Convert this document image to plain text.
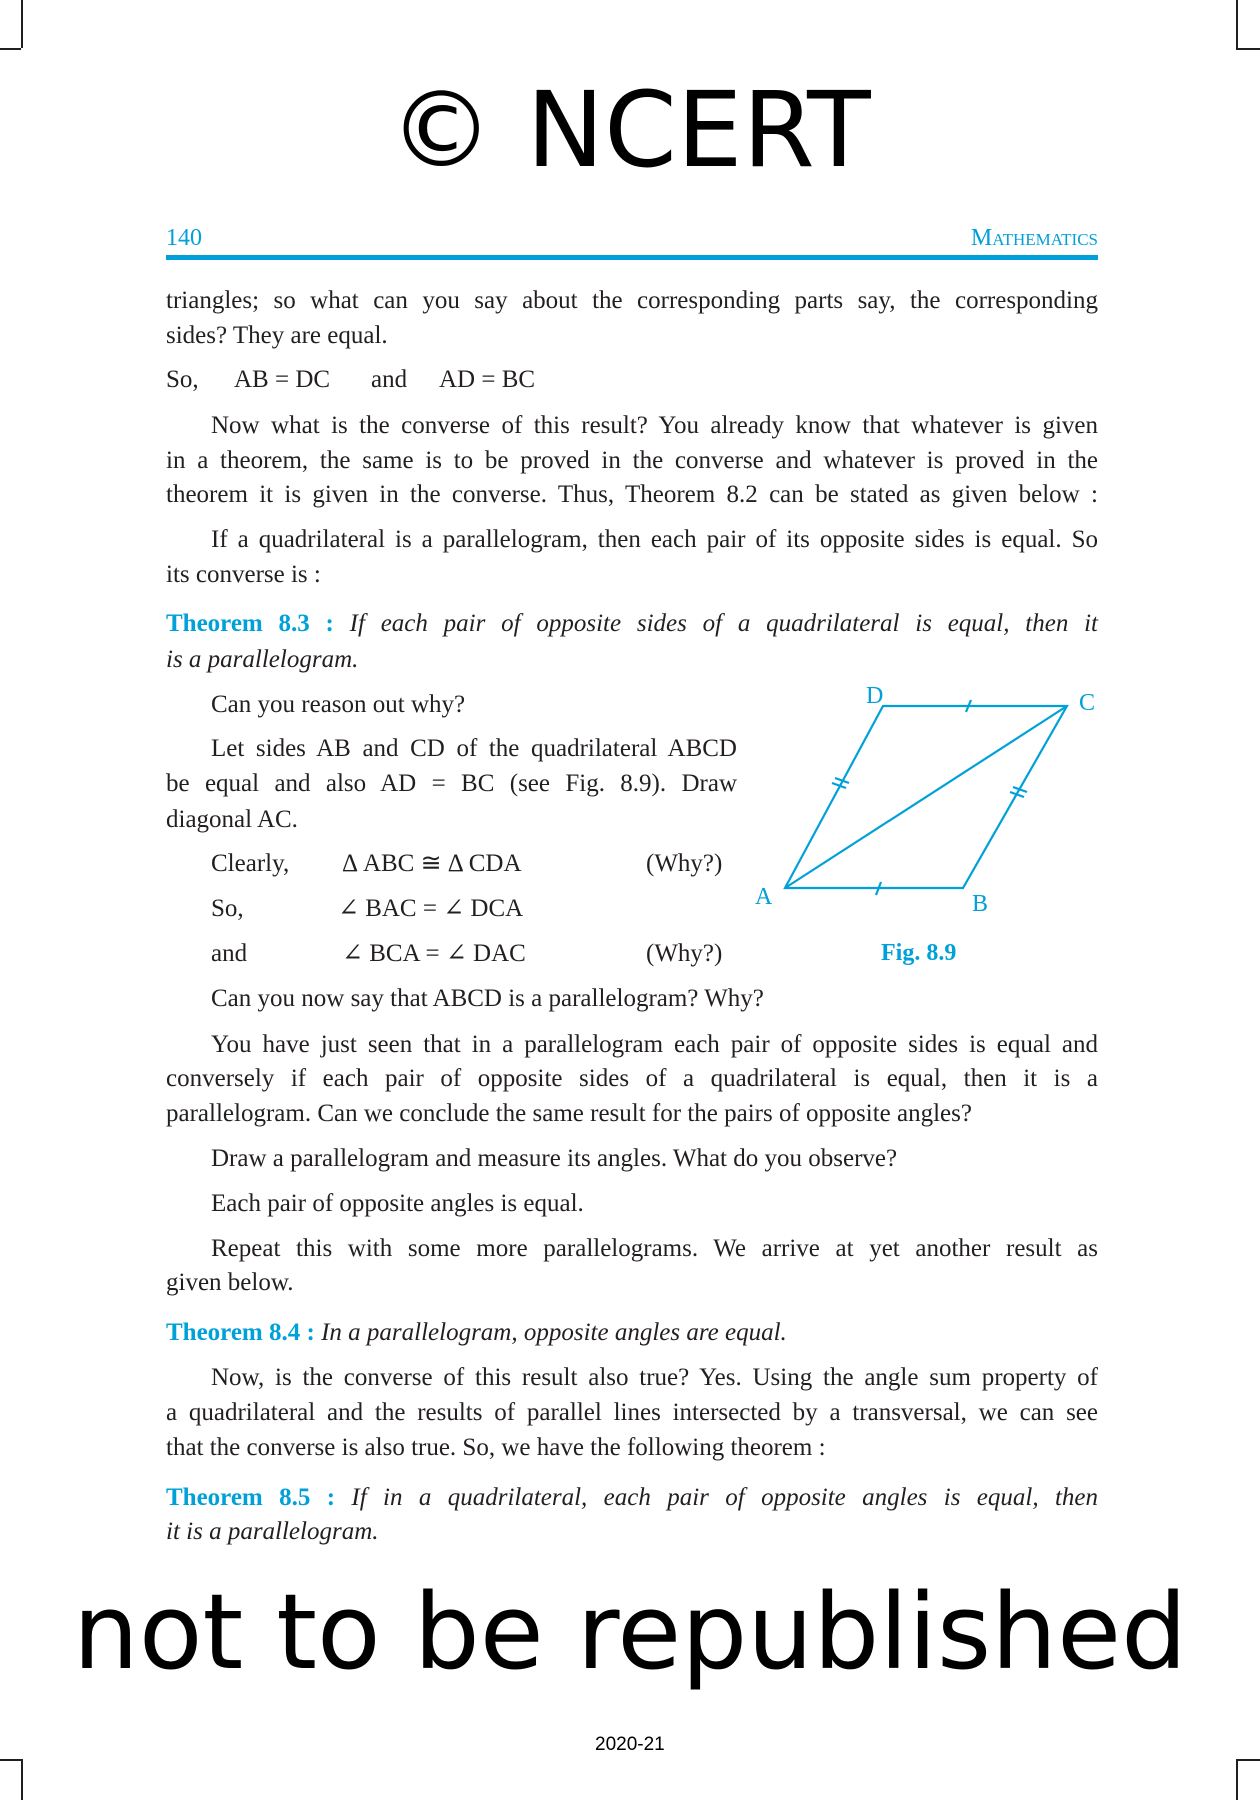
140	Mathematics
triangles; so what can you say about the corresponding parts say, the corresponding
sides? They are equal.
So, AB = DC and AD = BC
Now what is the converse of this result? You already know that whatever is given
in a theorem, the same is to be proved in the converse and whatever is proved in the
theorem it is given in the converse. Thus, Theorem 8.2 can be stated as given below :
If a quadrilateral is a parallelogram, then each pair of its opposite sides is equal. So
its converse is :
Theorem 8.3 : If each pair of opposite sides of a quadrilateral is equal, then it
is a parallelogram.
Can you reason out why?
Let sides AB and CD of the quadrilateral ABCD
be equal and also AD = BC (see Fig. 8.9). Draw
diagonal AC.
Clearly, Δ ABC ≅ Δ CDA	(Why?)
So,	∠ BAC = ∠ DCA
and	∠ BCA = ∠ DAC	(Why?)
D	C
A	B
Fig. 8.9
Can you now say that ABCD is a parallelogram? Why?
You have just seen that in a parallelogram each pair of opposite sides is equal and
conversely if each pair of opposite sides of a quadrilateral is equal, then it is a
parallelogram. Can we conclude the same result for the pairs of opposite angles?
Draw a parallelogram and measure its angles. What do you observe?
Each pair of opposite angles is equal.
Repeat this with some more parallelograms. We arrive at yet another result as
given below.
Theorem 8.4 : In a parallelogram, opposite angles are equal.
Now, is the converse of this result also true? Yes. Using the angle sum property of
a quadrilateral and the results of parallel lines intersected by a transversal, we can see
that the converse is also true. So, we have the following theorem :
Theorem 8.5 : If in a quadrilateral, each pair of opposite angles is equal, then
it is a parallelogram.
© NCERT
not to be republished
2020-21
